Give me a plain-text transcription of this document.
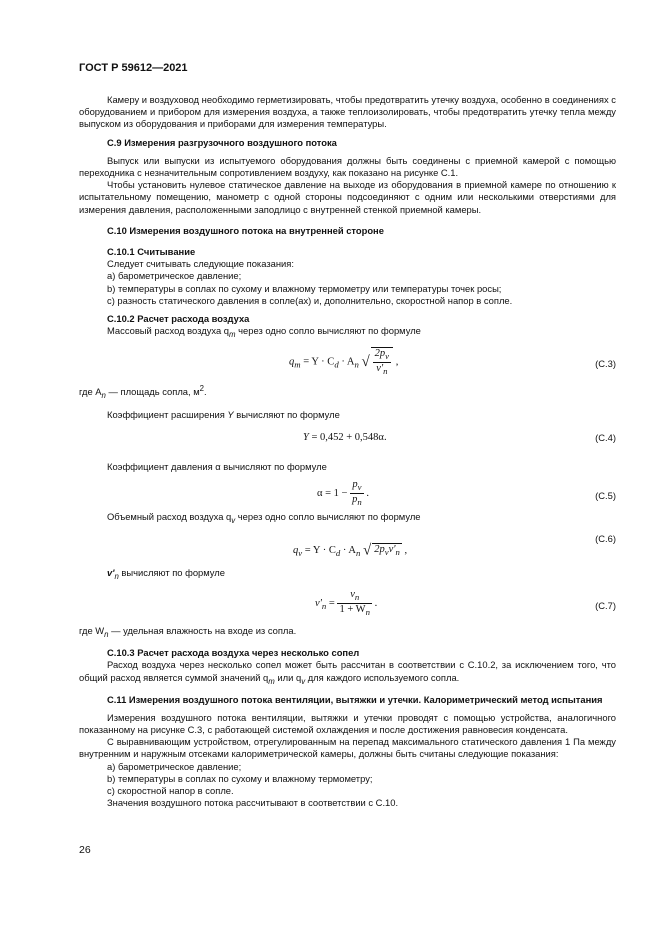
ГОСТ Р 59612—2021

Камеру и воздуховод необходимо герметизировать, чтобы предотвратить утечку воздуха, особенно в соединениях с оборудованием и прибором для измерения воздуха, а также теплоизолировать, чтобы предотвратить утечку тепла между выпуском из оборудования и приборами для измерения температуры.

С.9 Измерения разгрузочного воздушного потока

Выпуск или выпуски из испытуемого оборудования должны быть соединены с приемной камерой с помощью переходника с незначительным сопротивлением воздуху, как показано на рисунке С.1.

Чтобы установить нулевое статическое давление на выходе из оборудования в приемной камере по отношению к испытательному помещению, манометр с одной стороны подсоединяют с одним или несколькими отверстиями для измерения давления, расположенными заподлицо с внутренней стенкой приемной камеры.

С.10 Измерения воздушного потока на внутренней стороне

С.10.1 Считывание

Следует считывать следующие показания:

а) барометрическое давление;

b) температуры в соплах по сухому и влажному термометру или температуры точек росы;

с) разность статического давления в сопле(ах) и, дополнительно, скоростной напор в сопле.

С.10.2 Расчет расхода воздуха

Массовый расход воздуха $q_m$ через одно сопло вычисляют по формуле

$q_m = Y \cdot C_d \cdot A_n$ √ $\frac{2p_v}{v'_n}$ ,	(С.3)

где $A_n$ — площадь сопла, $м^2$.

Коэффициент расширения Y вычисляют по формуле

Y = 0,452 + 0,548α.	(С.4)

Коэффициент давления α вычисляют по формуле

$\alpha = 1 - \frac{p_v}{p_n}$ .	(С.5)

Объемный расход воздуха $q_v$ через одно сопло вычисляют по формуле

$q_v = Y \cdot C_d \cdot A_n$ √ $2p_vv'_n$ ,
(С.6)

$v'_n$ вычисляют по формуле

$v'_n = \frac{v_n}{1 + W_n}$ .	(С.7)

где $W_n$ — удельная влажность на входе из сопла.

С.10.3 Расчет расхода воздуха через несколько сопел

Расход воздуха через несколько сопел может быть рассчитан в соответствии с С.10.2, за исключением того, что общий расход является суммой значений $q_m$ или $q_v$ для каждого используемого сопла.

С.11 Измерения воздушного потока вентиляции, вытяжки и утечки. Калориметрический метод испытания

Измерения воздушного потока вентиляции, вытяжки и утечки проводят с помощью устройства, аналогичного показанному на рисунке С.3, с работающей системой охлаждения и после достижения равновесия конденсата.

С выравнивающим устройством, отрегулированным на перепад максимального статического давления 1 Па между внутренним и наружным отсеками калориметрической камеры, должны быть считаны следующие показания:

а) барометрическое давление;

b) температуры в соплах по сухому и влажному термометру;

с) скоростной напор в сопле.

Значения воздушного потока рассчитывают в соответствии с С.10.

26
